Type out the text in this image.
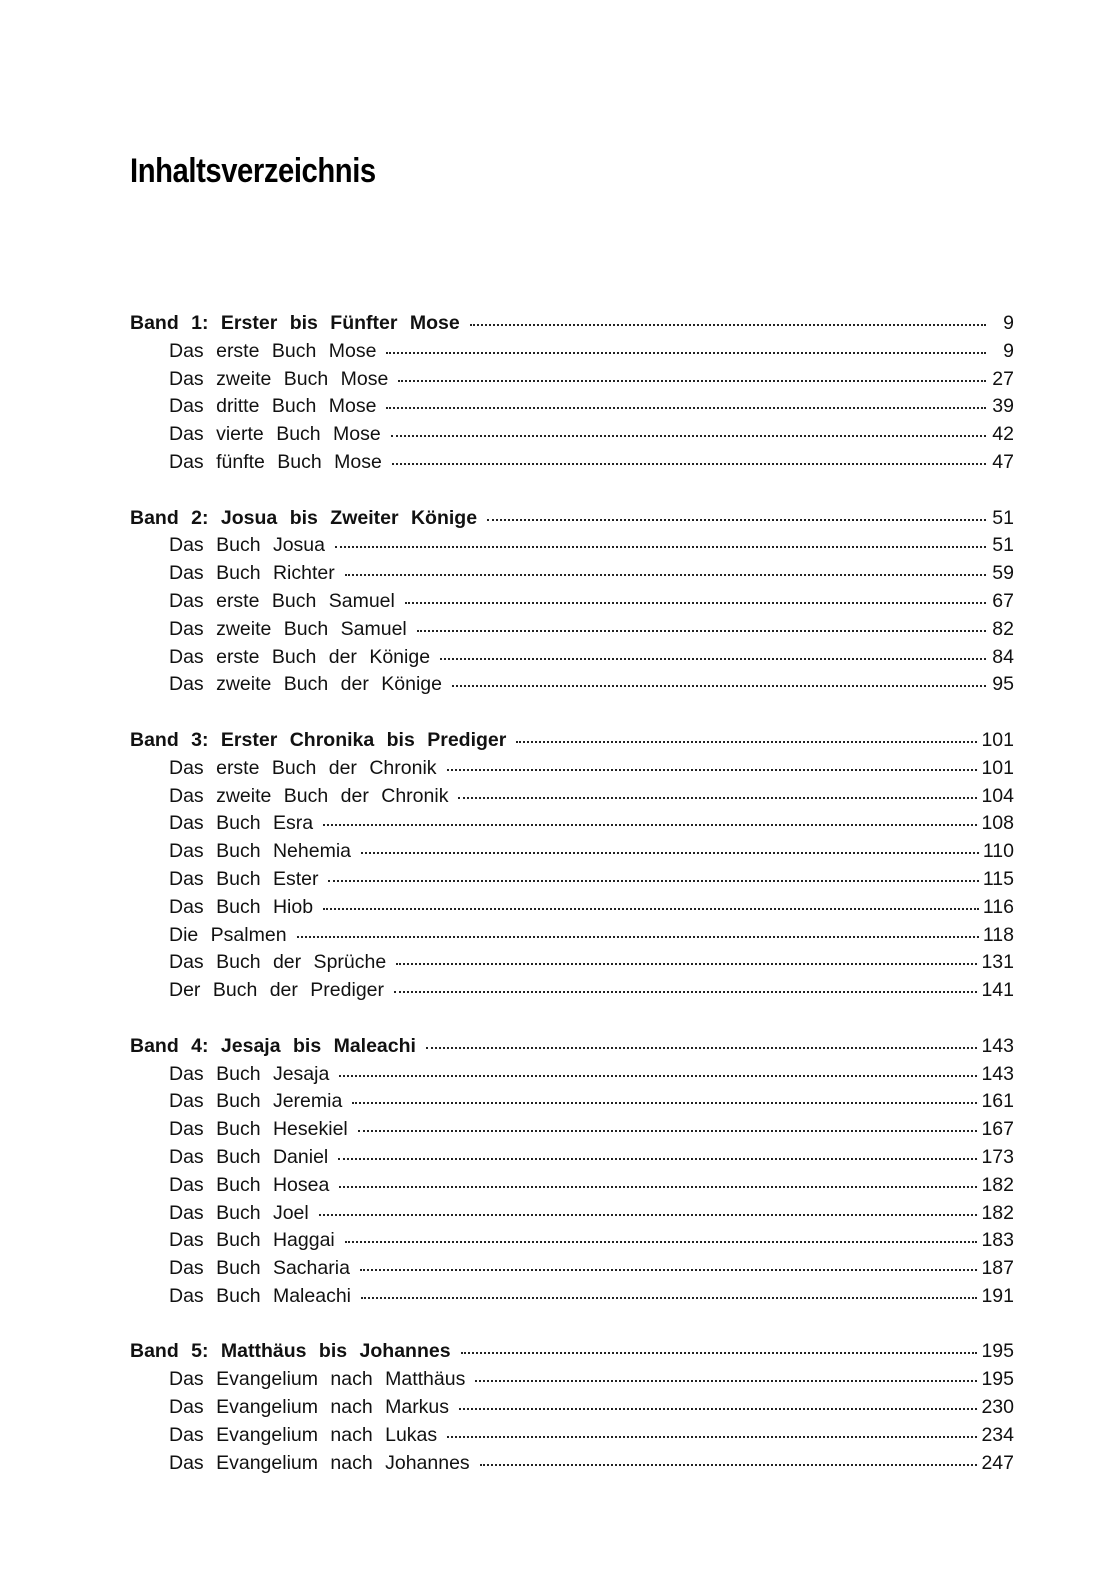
Inhaltsverzeichnis
Band 1: Erster bis Fünfter Mose	9
Das erste Buch Mose	9
Das zweite Buch Mose	27
Das dritte Buch Mose	39
Das vierte Buch Mose	42
Das fünfte Buch Mose	47
Band 2: Josua bis Zweiter Könige	51
Das Buch Josua	51
Das Buch Richter	59
Das erste Buch Samuel	67
Das zweite Buch Samuel	82
Das erste Buch der Könige	84
Das zweite Buch der Könige	95
Band 3: Erster Chronika bis Prediger	101
Das erste Buch der Chronik	101
Das zweite Buch der Chronik	104
Das Buch Esra	108
Das Buch Nehemia	110
Das Buch Ester	115
Das Buch Hiob	116
Die Psalmen	118
Das Buch der Sprüche	131
Der Buch der Prediger	141
Band 4: Jesaja bis Maleachi	143
Das Buch Jesaja	143
Das Buch Jeremia	161
Das Buch Hesekiel	167
Das Buch Daniel	173
Das Buch Hosea	182
Das Buch Joel	182
Das Buch Haggai	183
Das Buch Sacharia	187
Das Buch Maleachi	191
Band 5: Matthäus bis Johannes	195
Das Evangelium nach Matthäus	195
Das Evangelium nach Markus	230
Das Evangelium nach Lukas	234
Das Evangelium nach Johannes	247
